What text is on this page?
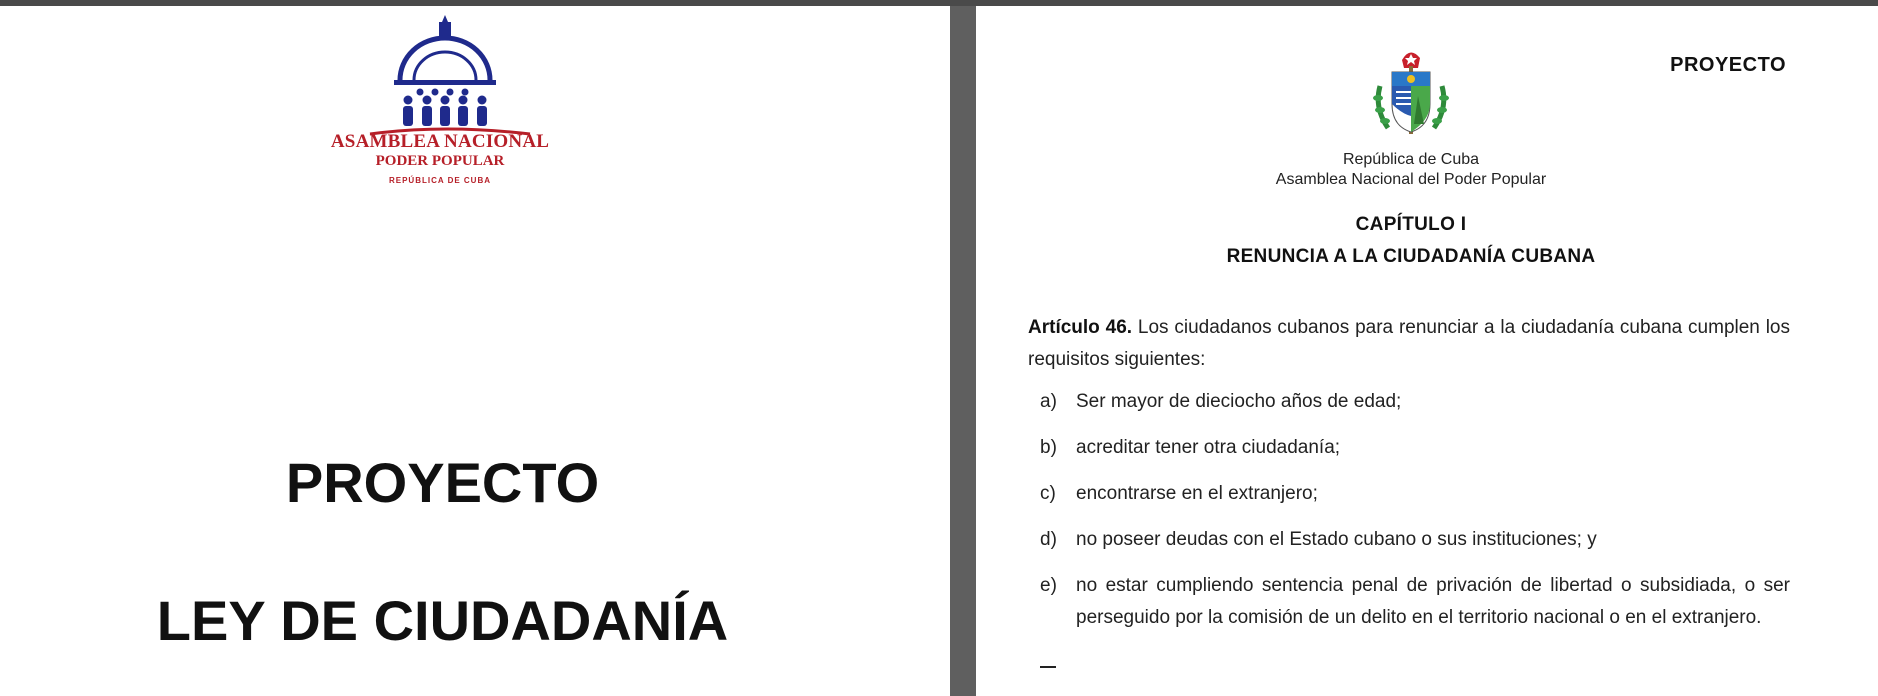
ASAMBLEA NACIONAL
PODER POPULAR
REPÚBLICA DE CUBA
PROYECTO
LEY DE CIUDADANÍA
PROYECTO
República de Cuba
Asamblea Nacional del Poder Popular
CAPÍTULO I
RENUNCIA A LA CIUDADANÍA CUBANA
Artículo 46. Los ciudadanos cubanos para renunciar a la ciudadanía cubana cumplen los requisitos siguientes:
a) Ser mayor de dieciocho años de edad;
b) acreditar tener otra ciudadanía;
c) encontrarse en el extranjero;
d) no poseer deudas con el Estado cubano o sus instituciones; y
e) no estar cumpliendo sentencia penal de privación de libertad o subsidiada, o ser perseguido por la comisión de un delito en el territorio nacional o en el extranjero.
